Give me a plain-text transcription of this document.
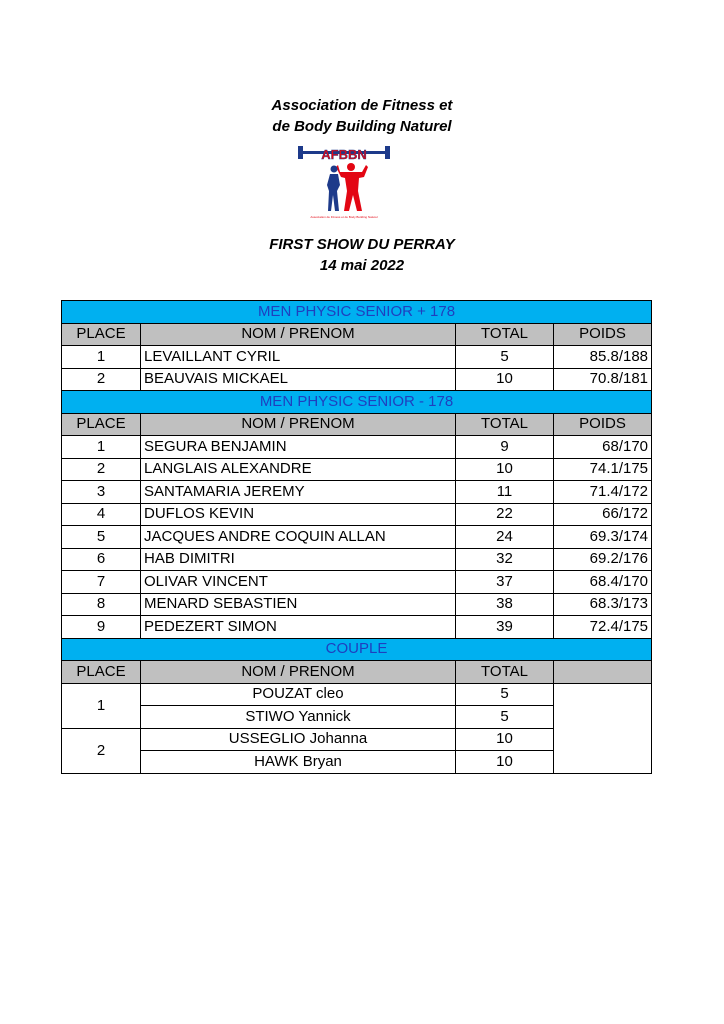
Association de Fitness et
de Body Building Naturel
AFBBN
Association de Fitness et de Body Building Naturel
FIRST SHOW DU PERRAY
14 mai 2022
MEN PHYSIC SENIOR + 178			
PLACE	NOM / PRENOM	TOTAL	POIDS
1	LEVAILLANT CYRIL	5	85.8/188
2	BEAUVAIS MICKAEL	10	70.8/181
MEN PHYSIC SENIOR - 178			
PLACE	NOM / PRENOM	TOTAL	POIDS
1	SEGURA BENJAMIN	9	68/170
2	LANGLAIS ALEXANDRE	10	74.1/175
3	SANTAMARIA JEREMY	11	71.4/172
4	DUFLOS KEVIN	22	66/172
5	JACQUES ANDRE COQUIN ALLAN	24	69.3/174
6	HAB DIMITRI	32	69.2/176
7	OLIVAR VINCENT	37	68.4/170
8	MENARD SEBASTIEN	38	68.3/173
9	PEDEZERT SIMON	39	72.4/175
COUPLE			
PLACE	NOM / PRENOM	TOTAL	
1	POUZAT cleo	5	
	STIWO Yannick	5	
2	USSEGLIO Johanna	10	
	HAWK Bryan	10	
